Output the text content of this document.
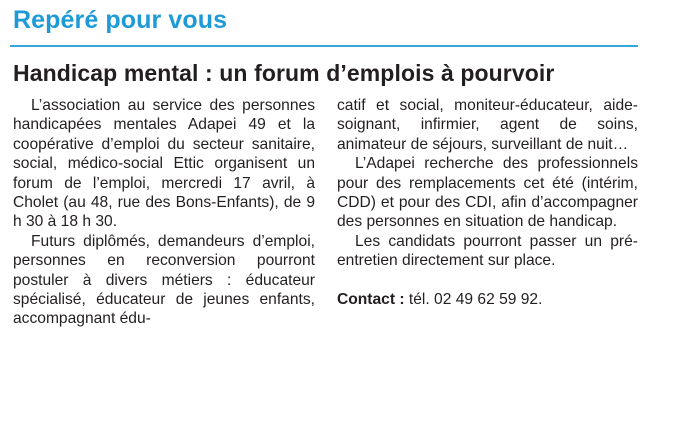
Repéré pour vous
Handicap mental : un forum d’emplois à pourvoir

L’association au service des personnes handicapées mentales Adapei 49 et la coopérative d’emploi du secteur sanitaire, social, médico-social Ettic organisent un forum de l’emploi, mercredi 17 avril, à Cholet (au 48, rue des Bons-Enfants), de 9 h 30 à 18 h 30.

Futurs diplômés, demandeurs d’emploi, personnes en reconversion pourront postuler à divers métiers : éducateur spécialisé, éducateur de jeunes enfants, accompagnant édu-

catif et social, moniteur-éducateur, aide-soignant, infirmier, agent de soins, animateur de séjours, surveillant de nuit…

L’Adapei recherche des professionnels pour des remplacements cet été (intérim, CDD) et pour des CDI, afin d’accompagner des personnes en situation de handicap.

Les candidats pourront passer un pré-entretien directement sur place.

Contact : tél. 02 49 62 59 92.
